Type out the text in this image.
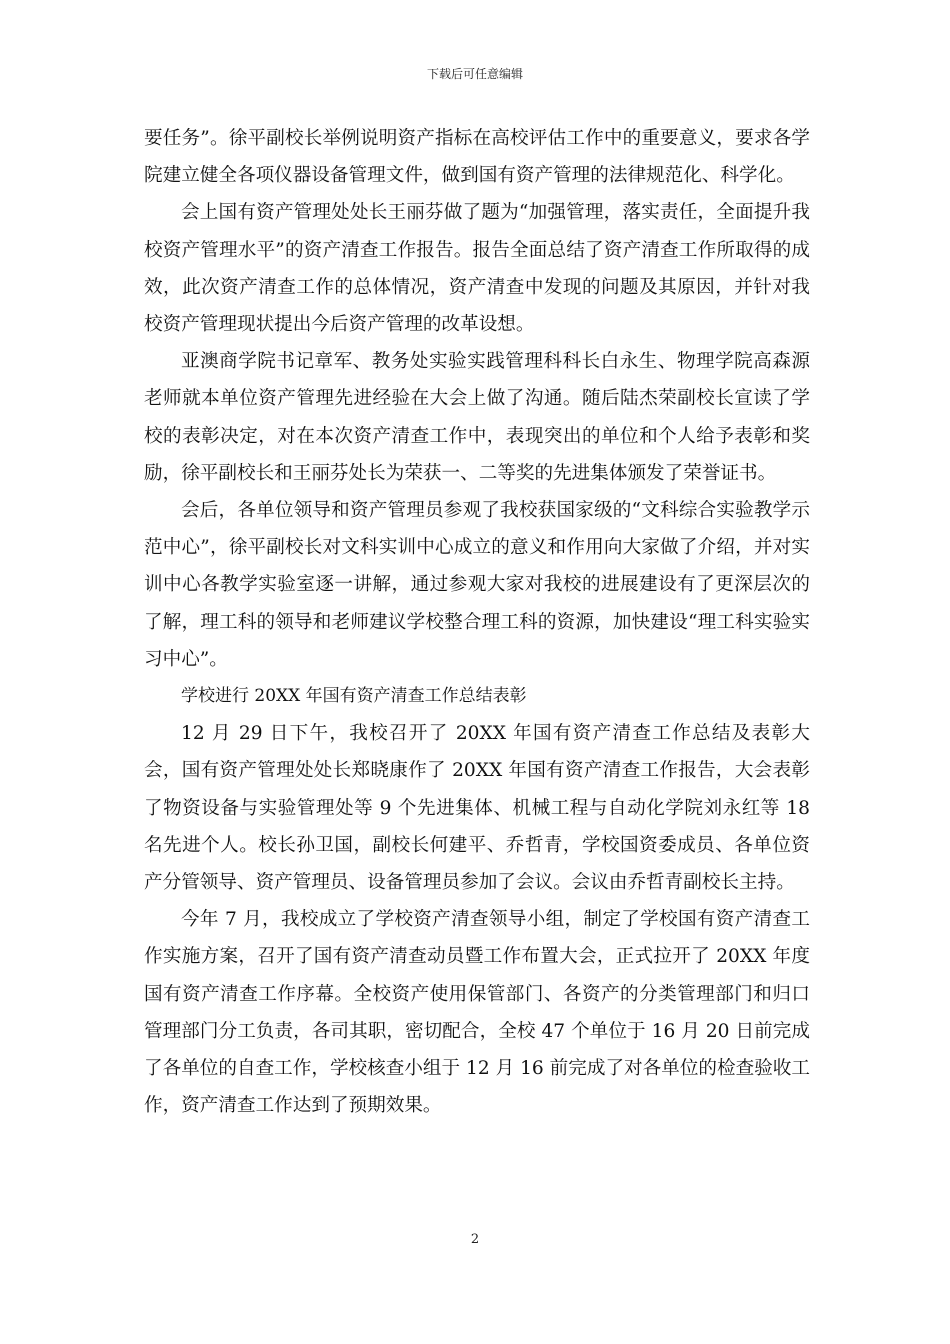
下载后可任意编辑

要任务”。徐平副校长举例说明资产指标在高校评估工作中的重要意义，要求各学院建立健全各项仪器设备管理文件，做到国有资产管理的法律规范化、科学化。

会上国有资产管理处处长王丽芬做了题为“加强管理，落实责任，全面提升我校资产管理水平”的资产清查工作报告。报告全面总结了资产清查工作所取得的成效，此次资产清查工作的总体情况，资产清查中发现的问题及其原因，并针对我校资产管理现状提出今后资产管理的改革设想。

亚澳商学院书记章军、教务处实验实践管理科科长白永生、物理学院高森源老师就本单位资产管理先进经验在大会上做了沟通。随后陆杰荣副校长宣读了学校的表彰决定，对在本次资产清查工作中，表现突出的单位和个人给予表彰和奖励，徐平副校长和王丽芬处长为荣获一、二等奖的先进集体颁发了荣誉证书。

会后，各单位领导和资产管理员参观了我校获国家级的“文科综合实验教学示范中心”，徐平副校长对文科实训中心成立的意义和作用向大家做了介绍，并对实训中心各教学实验室逐一讲解，通过参观大家对我校的进展建设有了更深层次的了解，理工科的领导和老师建议学校整合理工科的资源，加快建设“理工科实验实习中心”。

学校进行 20XX 年国有资产清查工作总结表彰

12 月 29 日下午，我校召开了 20XX 年国有资产清查工作总结及表彰大会，国有资产管理处处长郑晓康作了 20XX 年国有资产清查工作报告，大会表彰了物资设备与实验管理处等 9 个先进集体、机械工程与自动化学院刘永红等 18 名先进个人。校长孙卫国，副校长何建平、乔哲青，学校国资委成员、各单位资产分管领导、资产管理员、设备管理员参加了会议。会议由乔哲青副校长主持。

今年 7 月，我校成立了学校资产清查领导小组，制定了学校国有资产清查工作实施方案，召开了国有资产清查动员暨工作布置大会，正式拉开了 20XX 年度国有资产清查工作序幕。全校资产使用保管部门、各资产的分类管理部门和归口管理部门分工负责，各司其职，密切配合，全校 47 个单位于 16 月 20 日前完成了各单位的自查工作，学校核查小组于 12 月 16 前完成了对各单位的检查验收工作，资产清查工作达到了预期效果。

2
